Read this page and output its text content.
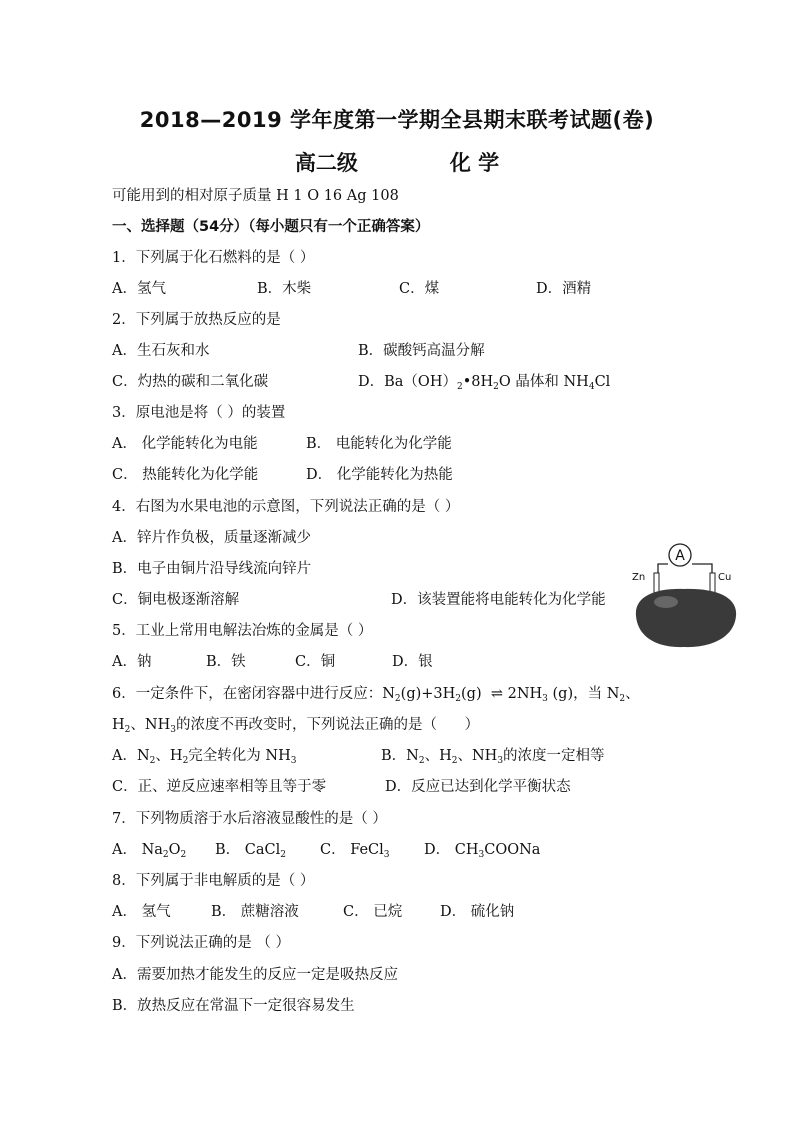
2018—2019 学年度第一学期全县期末联考试题(卷)
高二级	化 学
可能用到的相对原子质量 H 1 O 16 Ag 108
一、选择题（54分）（每小题只有一个正确答案）
1．下列属于化石燃料的是（ ）
A．氢气	B．木柴	C．煤	D．酒精
2．下列属于放热反应的是
A．生石灰和水	B．碳酸钙高温分解
C．灼热的碳和二氧化碳	D．$Ba(OH)_2•8H_2O$ 晶体和 $NH_4Cl$
3．原电池是将（ ）的装置
A． 化学能转化为电能	B． 电能转化为化学能
C． 热能转化为化学能	D． 化学能转化为热能
4．右图为水果电池的示意图，下列说法正确的是（ ）
A．锌片作负极，质量逐渐减少
B．电子由铜片沿导线流向锌片
C．铜电极逐渐溶解	D．该装置能将电能转化为化学能
A
Zn	Cu
5．工业上常用电解法冶炼的金属是（ ）
A．钠	B．铁	C．铜	D．银
6．一定条件下，在密闭容器中进行反应：$N_2(g)+3H_2(g)$  ⇌ $2NH_3$ (g)，当 $N_2$、
$H_2$、$NH_3$的浓度不再改变时，下列说法正确的是（      ）
A．$N_2$、$H_2$完全转化为 $NH_3$	B．$N_2$、$H_2$、$NH_3$的浓度一定相等
C．正、逆反应速率相等且等于零	D．反应已达到化学平衡状态
7．下列物质溶于水后溶液显酸性的是（ ）
A． $Na_2O_2$ B． CaCl$_2$ C． FeCl$_3$ D． $CH_3COONa$
8．下列属于非电解质的是（ ）
A． 氢气	B． 蔗糖溶液	C． 已烷	D． 硫化钠
9．下列说法正确的是 （ ）
A．需要加热才能发生的反应一定是吸热反应
B．放热反应在常温下一定很容易发生
